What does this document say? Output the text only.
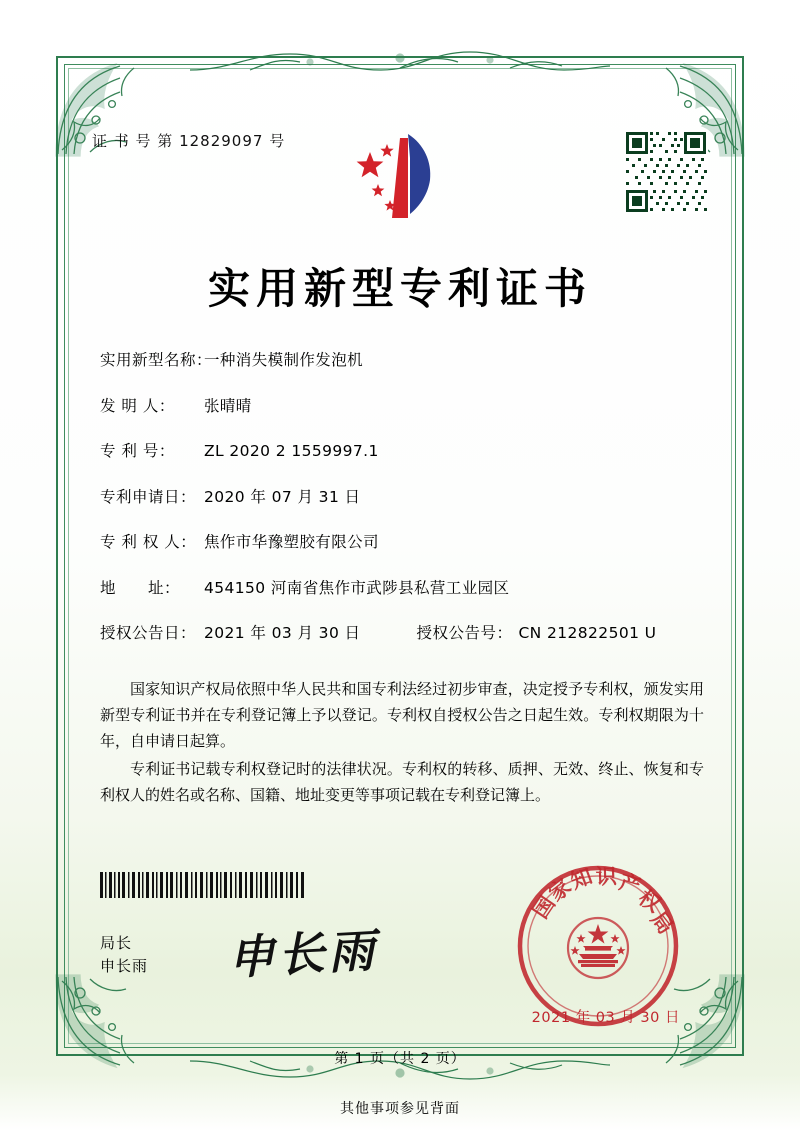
证 书 号 第 12829097 号
实用新型专利证书
实用新型名称：
一种消失模制作发泡机
发 明 人：	张晴晴
专 利 号：	ZL 2020 2 1559997.1
专利申请日： 2020 年 07 月 31 日
专 利 权 人： 焦作市华豫塑胶有限公司
地　　址：	454150 河南省焦作市武陟县私营工业园区
授权公告日： 2021 年 03 月 30 日	授权公告号： CN 212822501 U

国家知识产权局依照中华人民共和国专利法经过初步审查，决定授予专利权，颁发实用新型专利证书并在专利登记簿上予以登记。专利权自授权公告之日起生效。专利权期限为十年，自申请日起算。

专利证书记载专利权登记时的法律状况。专利权的转移、质押、无效、终止、恢复和专利权人的姓名或名称、国籍、地址变更等事项记载在专利登记簿上。

局长
申长雨 申长雨
国
家
知 识 产
权
局
2021 年 03 月 30 日
第 1 页（共 2 页）
其他事项参见背面
